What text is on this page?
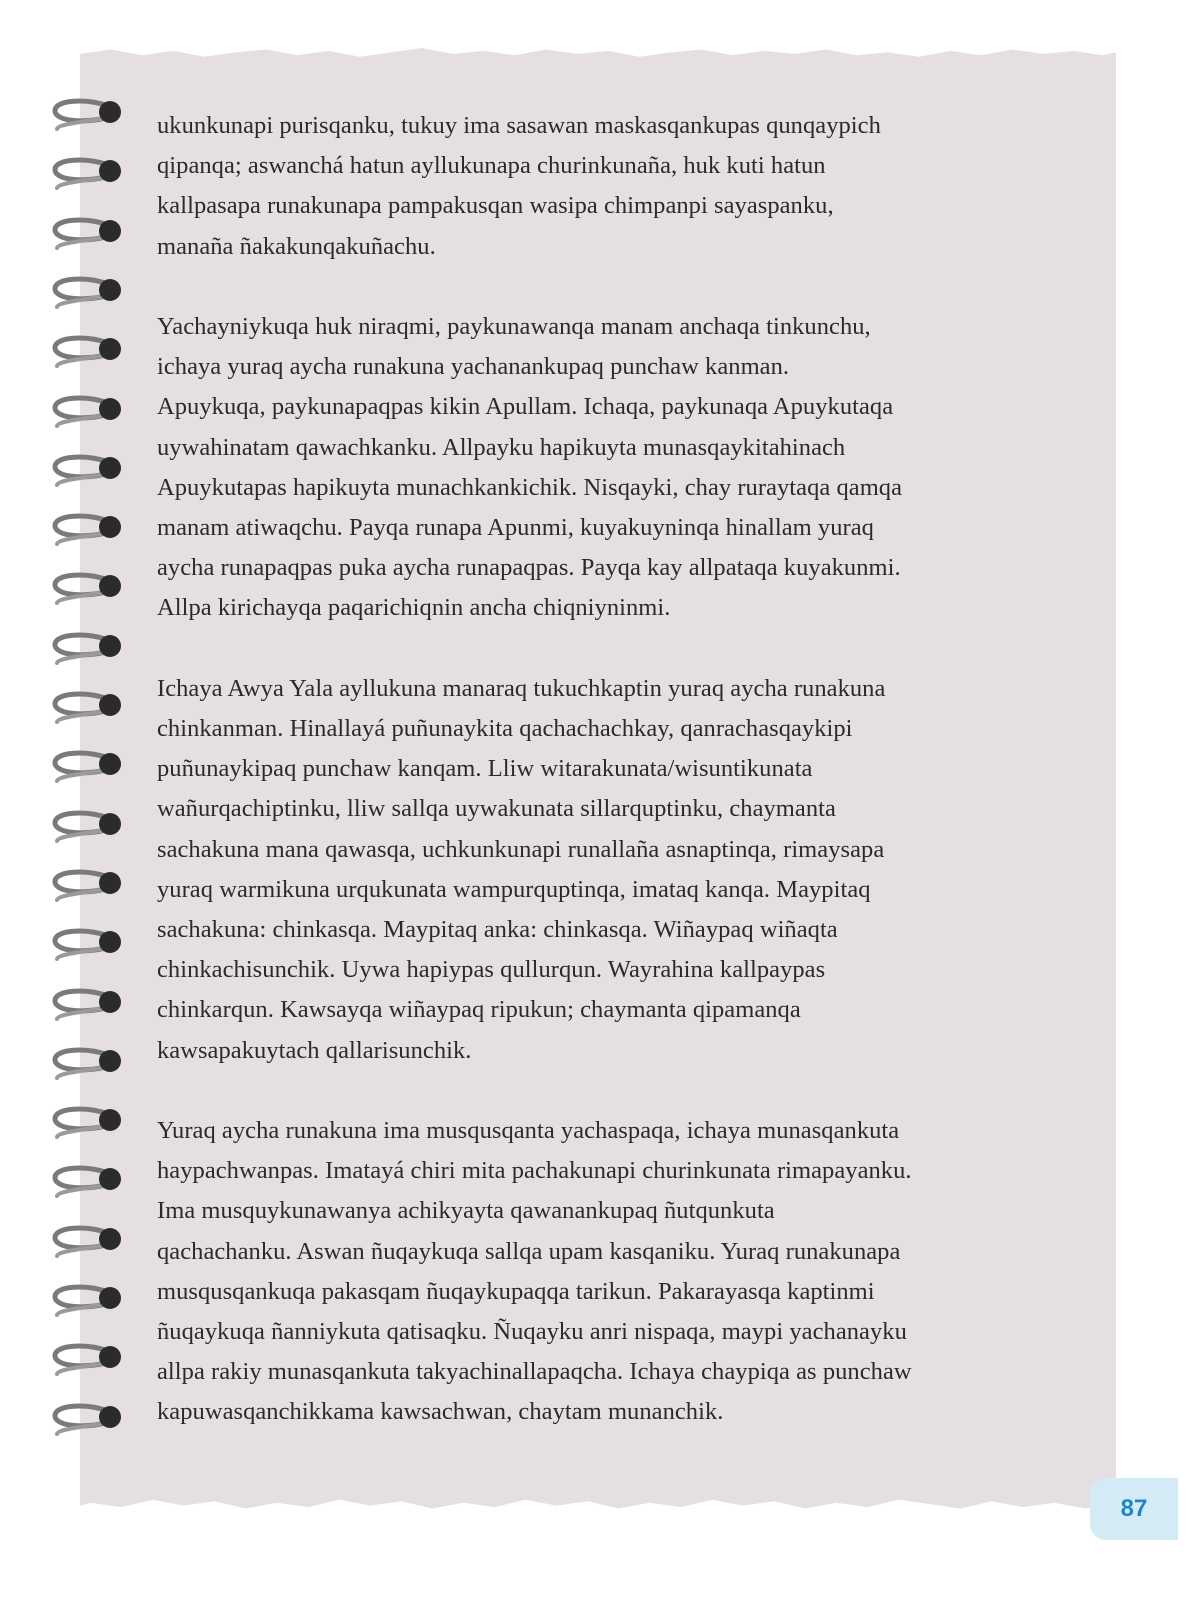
ukunkunapi purisqanku, tukuy ima sasawan maskasqankupas qunqaypich
qipanqa; aswanchá hatun ayllukunapa churinkunaña, huk kuti hatun
kallpasapa runakunapa pampakusqan wasipa chimpanpi sayaspanku,
manaña ñakakunqakuñachu.

Yachayniykuqa huk niraqmi, paykunawanqa manam anchaqa tinkunchu,
ichaya yuraq aycha runakuna yachanankupaq punchaw kanman.
Apuykuqa, paykunapaqpas kikin Apullam. Ichaqa, paykunaqa Apuykutaqa
uywahinatam qawachkanku. Allpayku hapikuyta munasqaykitahinach
Apuykutapas hapikuyta munachkankichik. Nisqayki, chay ruraytaqa qamqa
manam atiwaqchu. Payqa runapa Apunmi, kuyakuyninqa hinallam yuraq
aycha runapaqpas puka aycha runapaqpas. Payqa kay allpataqa kuyakunmi.
Allpa kirichayqa paqarichiqnin ancha chiqniyninmi.

Ichaya Awya Yala ayllukuna manaraq tukuchkaptin yuraq aycha runakuna
chinkanman. Hinallayá puñunaykita qachachachkay, qanrachasqaykipi
puñunaykipaq punchaw kanqam. Lliw witarakunata/wisuntikunata
wañurqachiptinku, lliw sallqa uywakunata sillarquptinku, chaymanta
sachakuna mana qawasqa, uchkunkunapi runallaña asnaptinqa, rimaysapa
yuraq warmikuna urqukunata wampurquptinqa, imataq kanqa. Maypitaq
sachakuna: chinkasqa. Maypitaq anka: chinkasqa. Wiñaypaq wiñaqta
chinkachisunchik. Uywa hapiypas qullurqun. Wayrahina kallpaypas
chinkarqun. Kawsayqa wiñaypaq ripukun; chaymanta qipamanqa
kawsapakuytach qallarisunchik.

Yuraq aycha runakuna ima musqusqanta yachaspaqa, ichaya munasqankuta
haypachwanpas. Imatayá chiri mita pachakunapi churinkunata rimapayanku.
Ima musquykunawanya achikyayta qawanankupaq ñutqunkuta
qachachanku. Aswan ñuqaykuqa sallqa upam kasqaniku. Yuraq runakunapa
musqusqankuqa pakasqam ñuqaykupaqqa tarikun. Pakarayasqa kaptinmi
ñuqaykuqa ñanniykuta qatisaqku. Ñuqayku anri nispaqa, maypi yachanayku
allpa rakiy munasqankuta takyachinallapaqcha. Ichaya chaypiqa as punchaw
kapuwasqanchikkama kawsachwan, chaytam munanchik.

87
